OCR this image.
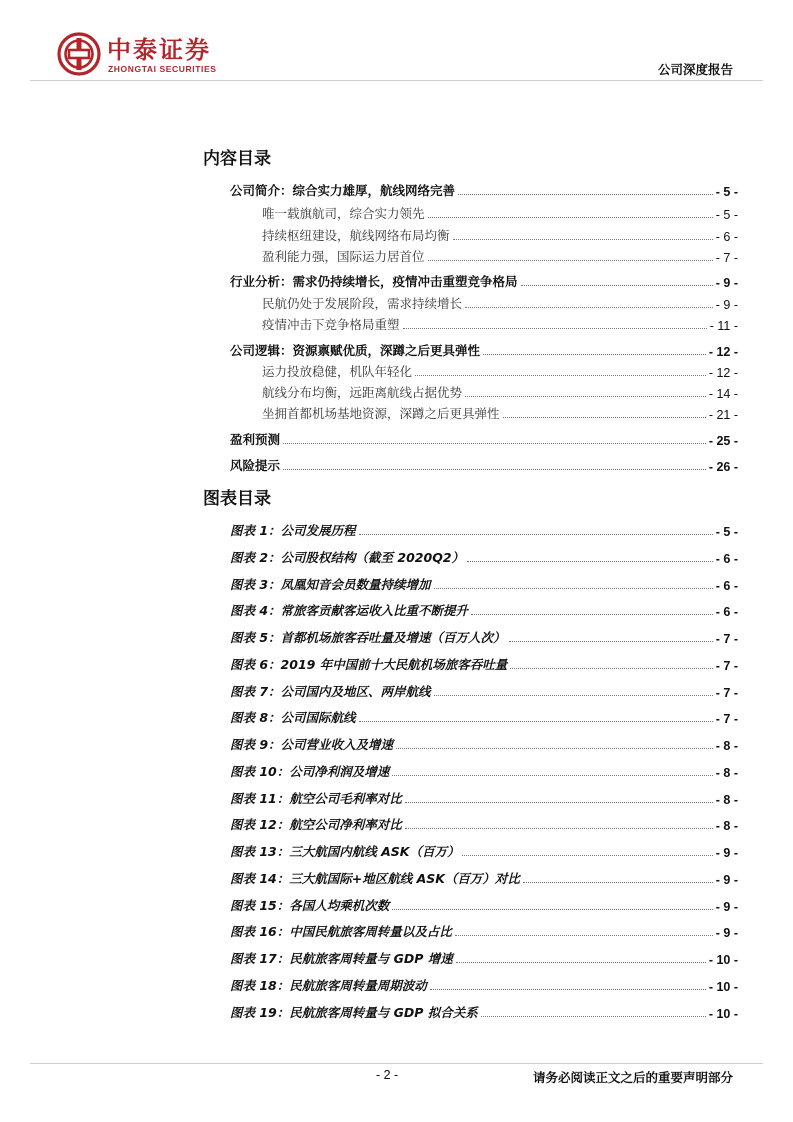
中泰证券
ZHONGTAI SECURITIES	公司深度报告
内容目录
公司简介：综合实力雄厚，航线网络完善	- 5 -
唯一载旗航司，综合实力领先	- 5 -
持续枢纽建设，航线网络布局均衡	- 6 -
盈利能力强，国际运力居首位	- 7 -
行业分析：需求仍持续增长，疫情冲击重塑竞争格局	- 9 -
民航仍处于发展阶段，需求持续增长	- 9 -
疫情冲击下竞争格局重塑	- 11 -
公司逻辑：资源禀赋优质，深蹲之后更具弹性	- 12 -
运力投放稳健，机队年轻化	- 12 -
航线分布均衡，远距离航线占据优势	- 14 -
坐拥首都机场基地资源，深蹲之后更具弹性	- 21 -
盈利预测	- 25 -
风险提示	- 26 -
图表目录
图表 1：公司发展历程	- 5 -
图表 2：公司股权结构（截至 2020Q2）	- 6 -
图表 3：凤凰知音会员数量持续增加	- 6 -
图表 4：常旅客贡献客运收入比重不断提升	- 6 -
图表 5：首都机场旅客吞吐量及增速（百万人次）	- 7 -
图表 6：2019 年中国前十大民航机场旅客吞吐量	- 7 -
图表 7：公司国内及地区、两岸航线	- 7 -
图表 8：公司国际航线	- 7 -
图表 9：公司营业收入及增速	- 8 -
图表 10：公司净利润及增速	- 8 -
图表 11：航空公司毛利率对比	- 8 -
图表 12：航空公司净利率对比	- 8 -
图表 13：三大航国内航线 ASK（百万）	- 9 -
图表 14：三大航国际+地区航线 ASK（百万）对比	- 9 -
图表 15：各国人均乘机次数	- 9 -
图表 16：中国民航旅客周转量以及占比	- 9 -
图表 17：民航旅客周转量与 GDP 增速	- 10 -
图表 18：民航旅客周转量周期波动	- 10 -
图表 19：民航旅客周转量与 GDP 拟合关系	- 10 -
- 2 -	请务必阅读正文之后的重要声明部分
